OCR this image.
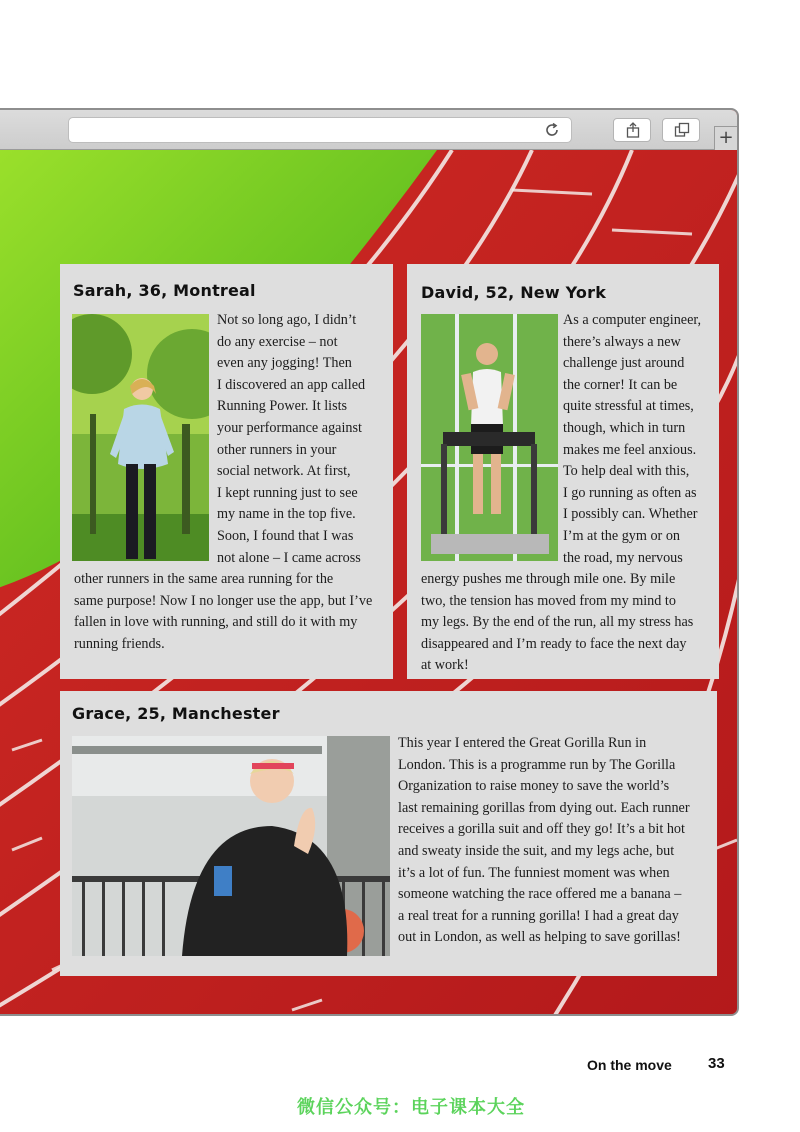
+
Sarah, 36, Montreal
Not so long ago, I didn’t
do any exercise – not
even any jogging! Then
I discovered an app called
Running Power. It lists
your performance against
other runners in your
social network. At first,
I kept running just to see
my name in the top five.
Soon, I found that I was
not alone – I came across
other runners in the same area running for the
same purpose! Now I no longer use the app, but I’ve
fallen in love with running, and still do it with my
running friends.
David, 52, New York
As a computer engineer,
there’s always a new
challenge just around
the corner! It can be
quite stressful at times,
though, which in turn
makes me feel anxious.
To help deal with this,
I go running as often as
I possibly can. Whether
I’m at the gym or on
the road, my nervous
energy pushes me through mile one. By mile
two, the tension has moved from my mind to
my legs. By the end of the run, all my stress has
disappeared and I’m ready to face the next day
at work!
Grace, 25, Manchester
This year I entered the Great Gorilla Run in
London. This is a programme run by The Gorilla
Organization to raise money to save the world’s
last remaining gorillas from dying out. Each runner
receives a gorilla suit and off they go! It’s a bit hot
and sweaty inside the suit, and my legs ache, but
it’s a lot of fun. The funniest moment was when
someone watching the race offered me a banana –
a real treat for a running gorilla! I had a great day
out in London, as well as helping to save gorillas!
On the move 33
微信公众号：电子课本大全
